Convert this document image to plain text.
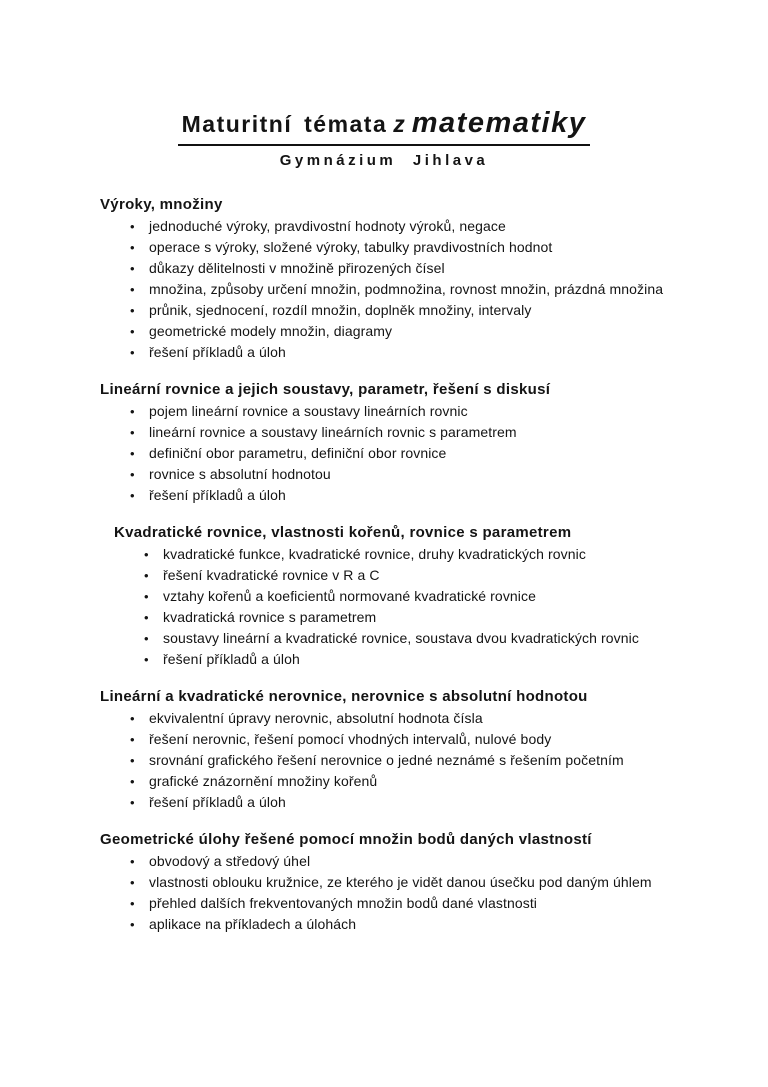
Maturitní témata z matematiky
Gymnázium Jihlava
Výroky, množiny
• jednoduché výroky, pravdivostní hodnoty výroků, negace
• operace s výroky, složené výroky, tabulky pravdivostních hodnot
• důkazy dělitelnosti v množině přirozených čísel
• množina, způsoby určení množin, podmnožina, rovnost množin, prázdná množina
• průnik, sjednocení, rozdíl množin, doplněk množiny, intervaly
• geometrické modely množin, diagramy
• řešení příkladů a úloh
Lineární rovnice a jejich soustavy, parametr, řešení s diskusí
• pojem lineární rovnice a soustavy lineárních rovnic
• lineární rovnice a soustavy lineárních rovnic s parametrem
• definiční obor parametru, definiční obor rovnice
• rovnice s absolutní hodnotou
• řešení příkladů a úloh
Kvadratické rovnice, vlastnosti kořenů, rovnice s parametrem
• kvadratické funkce, kvadratické rovnice, druhy kvadratických rovnic
• řešení kvadratické rovnice v R a C
• vztahy kořenů a koeficientů normované kvadratické rovnice
• kvadratická rovnice s parametrem
• soustavy lineární a kvadratické rovnice, soustava dvou kvadratických rovnic
• řešení příkladů a úloh
Lineární a kvadratické nerovnice, nerovnice s absolutní hodnotou
• ekvivalentní úpravy nerovnic, absolutní hodnota čísla
• řešení nerovnic, řešení pomocí vhodných intervalů, nulové body
• srovnání grafického řešení nerovnice o jedné neznámé s řešením početním
• grafické znázornění množiny kořenů
• řešení příkladů a úloh
Geometrické úlohy řešené pomocí množin bodů daných vlastností
• obvodový a středový úhel
• vlastnosti oblouku kružnice, ze kterého je vidět danou úsečku pod daným úhlem
• přehled dalších frekventovaných množin bodů dané vlastnosti
• aplikace na příkladech a úlohách
